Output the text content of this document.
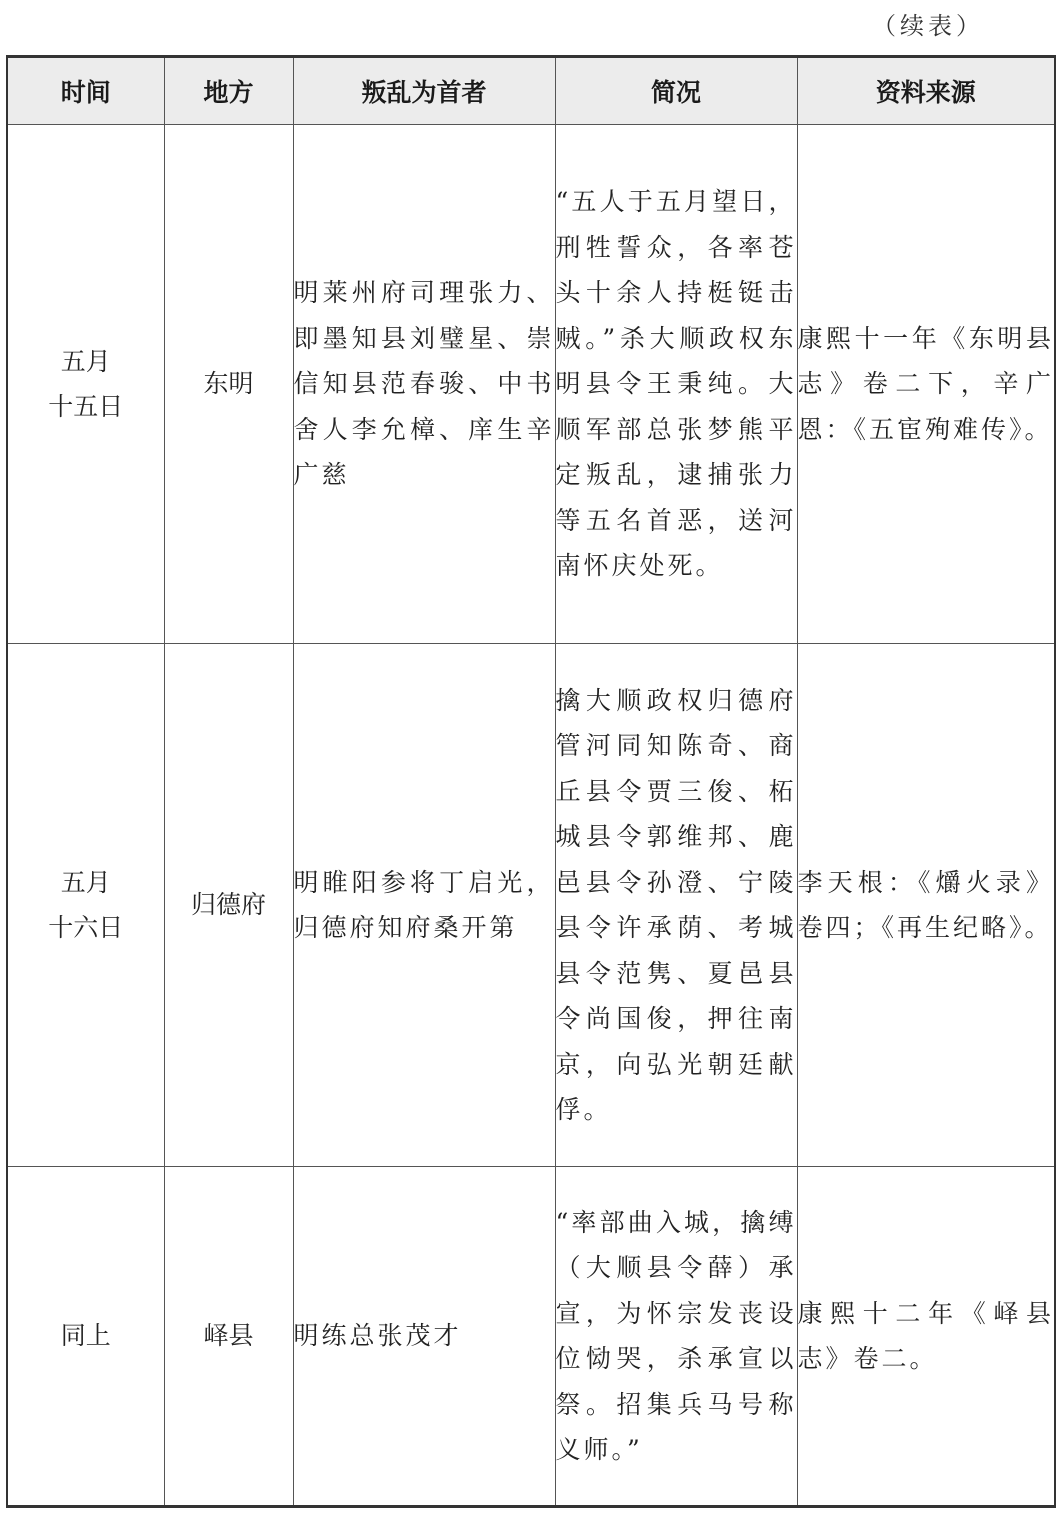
（续表）
时间	地方	叛乱为首者	简况	资料来源

五月
十五日	东明	明莱州府司理张力、即墨知县刘璧星、崇信知县范春骏、中书舍人李允樟、庠生辛广慈	“五人于五月望日，刑牲誓众，各率苍头十余人持梃铤击贼。”杀大顺政权东明县令王秉纯。大顺军部总张梦熊平定叛乱，逮捕张力等五名首恶，送河南怀庆处死。	康熙十一年《东明县志》卷二下，辛广恩：《五宦殉难传》。

五月
十六日	归德府	明睢阳参将丁启光，归德府知府桑开第	擒大顺政权归德府管河同知陈奇、商丘县令贾三俊、柘城县令郭维邦、鹿邑县令孙澄、宁陵县令许承荫、考城县令范隽、夏邑县令尚国俊，押往南京，向弘光朝廷献俘。	李天根：《爝火录》卷四；《再生纪略》。

同上	峄县	明练总张茂才	“率部曲入城，擒缚（大顺县令薛）承宣，为怀宗发丧设位恸哭，杀承宣以祭。招集兵马号称义师。”	康熙十二年《峄县志》卷二。
